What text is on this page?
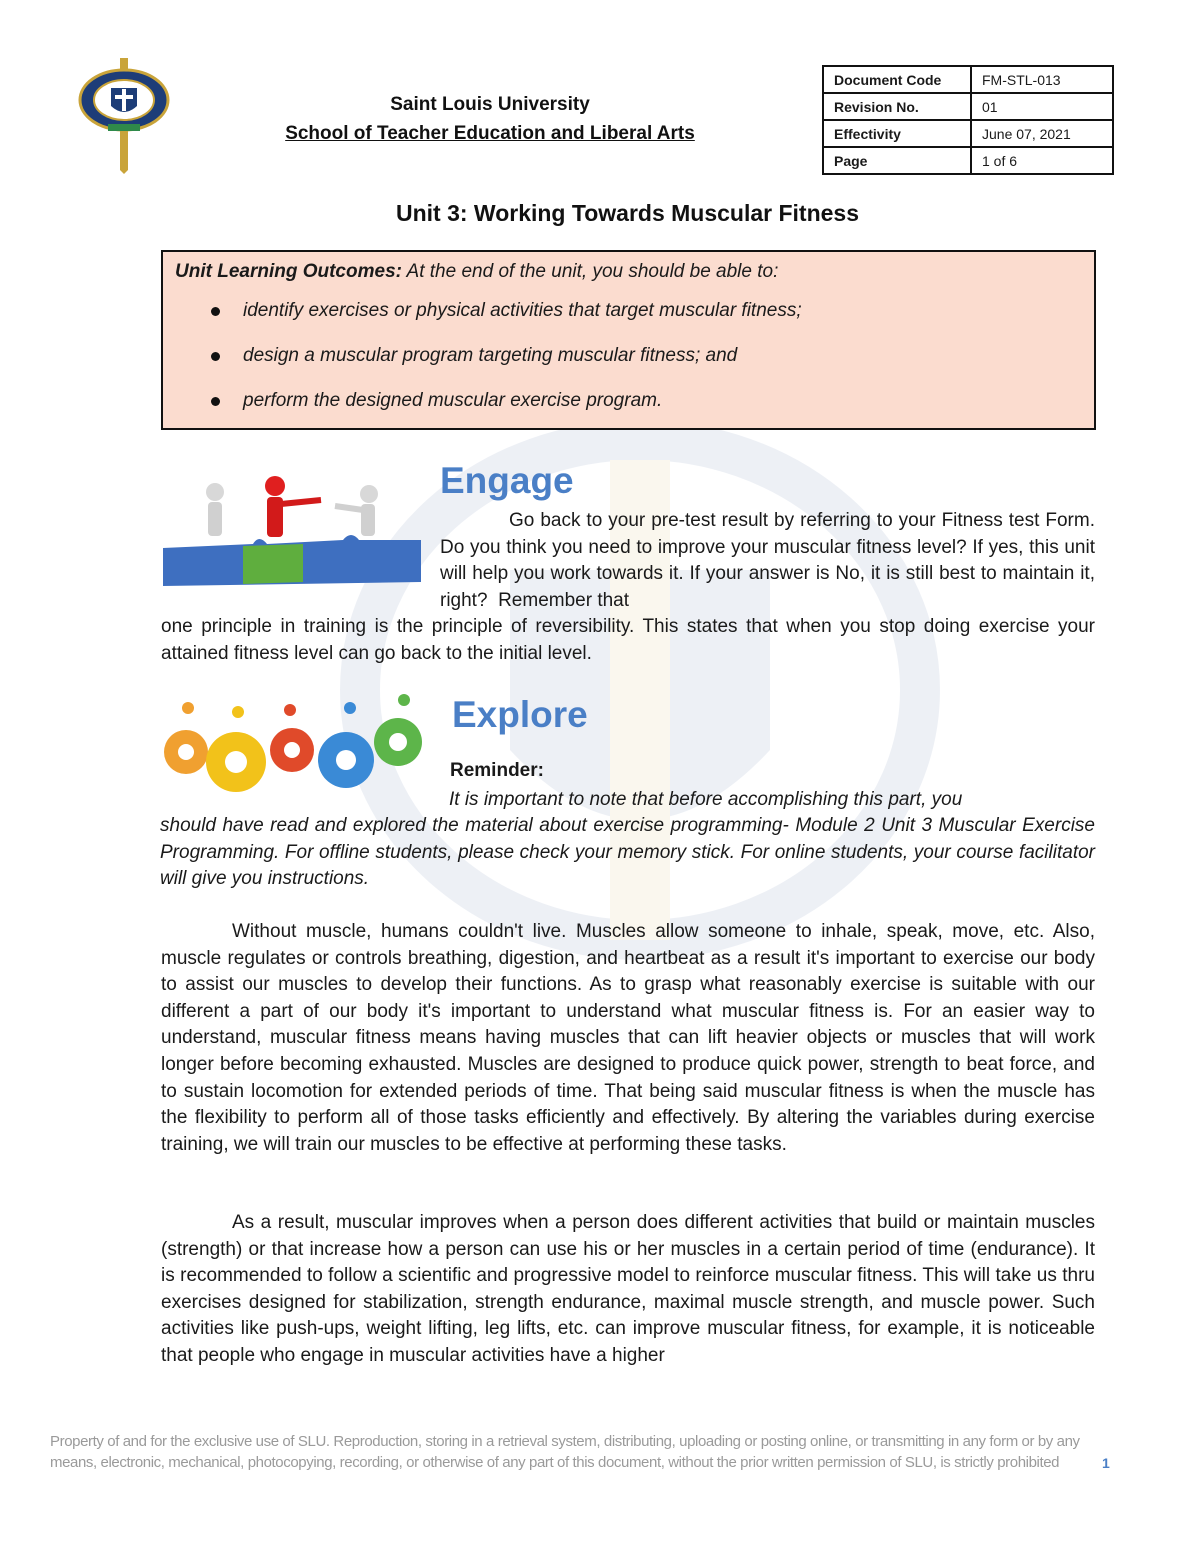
Saint Louis University
School of Teacher Education and Liberal Arts
Document Code	FM-STL-013
Revision No.	01
Effectivity	June 07, 2021
Page	1 of 6
Unit 3: Working Towards Muscular Fitness
Unit Learning Outcomes: At the end of the unit, you should be able to:
identify exercises or physical activities that target muscular fitness;
design a muscular program targeting muscular fitness; and
perform the designed muscular exercise program.
Engage
Go back to your pre-test result by referring to your Fitness test Form. Do you think you need to improve your muscular fitness level? If yes, this unit will help you work towards it. If your answer is No, it is still best to maintain it, right?  Remember that
one principle in training is the principle of reversibility. This states that when you stop doing exercise your attained fitness level can go back to the initial level.
Explore
Reminder:
It is important to note that before accomplishing this part, you
should have read and explored the material about exercise programming- Module 2 Unit 3 Muscular Exercise Programming. For offline students, please check your memory stick. For online students, your course facilitator will give you instructions.
Without muscle, humans couldn't live. Muscles allow someone to inhale, speak, move, etc. Also, muscle regulates or controls breathing, digestion, and heartbeat as a result it's important to exercise our body to assist our muscles to develop their functions. As to grasp what reasonably exercise is suitable with our different a part of our body it's important to understand what muscular fitness is. For an easier way to understand, muscular fitness means having muscles that can lift heavier objects or muscles that will work longer before becoming exhausted. Muscles are designed to produce quick power, strength to beat force, and to sustain locomotion for extended periods of time. That being said muscular fitness is when the muscle has the flexibility to perform all of those tasks efficiently and effectively. By altering the variables during exercise training, we will train our muscles to be effective at performing these tasks.
As a result, muscular improves when a person does different activities that build or maintain muscles (strength) or that increase how a person can use his or her muscles in a certain period of time (endurance). It is recommended to follow a scientific and progressive model to reinforce muscular fitness. This will take us thru exercises designed for stabilization, strength endurance, maximal muscle strength, and muscle power. Such activities like push-ups, weight lifting, leg lifts, etc. can improve muscular fitness, for example, it is noticeable that people who engage in muscular activities have a higher
Property of and for the exclusive use of SLU. Reproduction, storing in a retrieval system, distributing, uploading or posting online, or transmitting in any form or by any means, electronic, mechanical, photocopying, recording, or otherwise of any part of this document, without the prior written permission of SLU, is strictly prohibited	1
